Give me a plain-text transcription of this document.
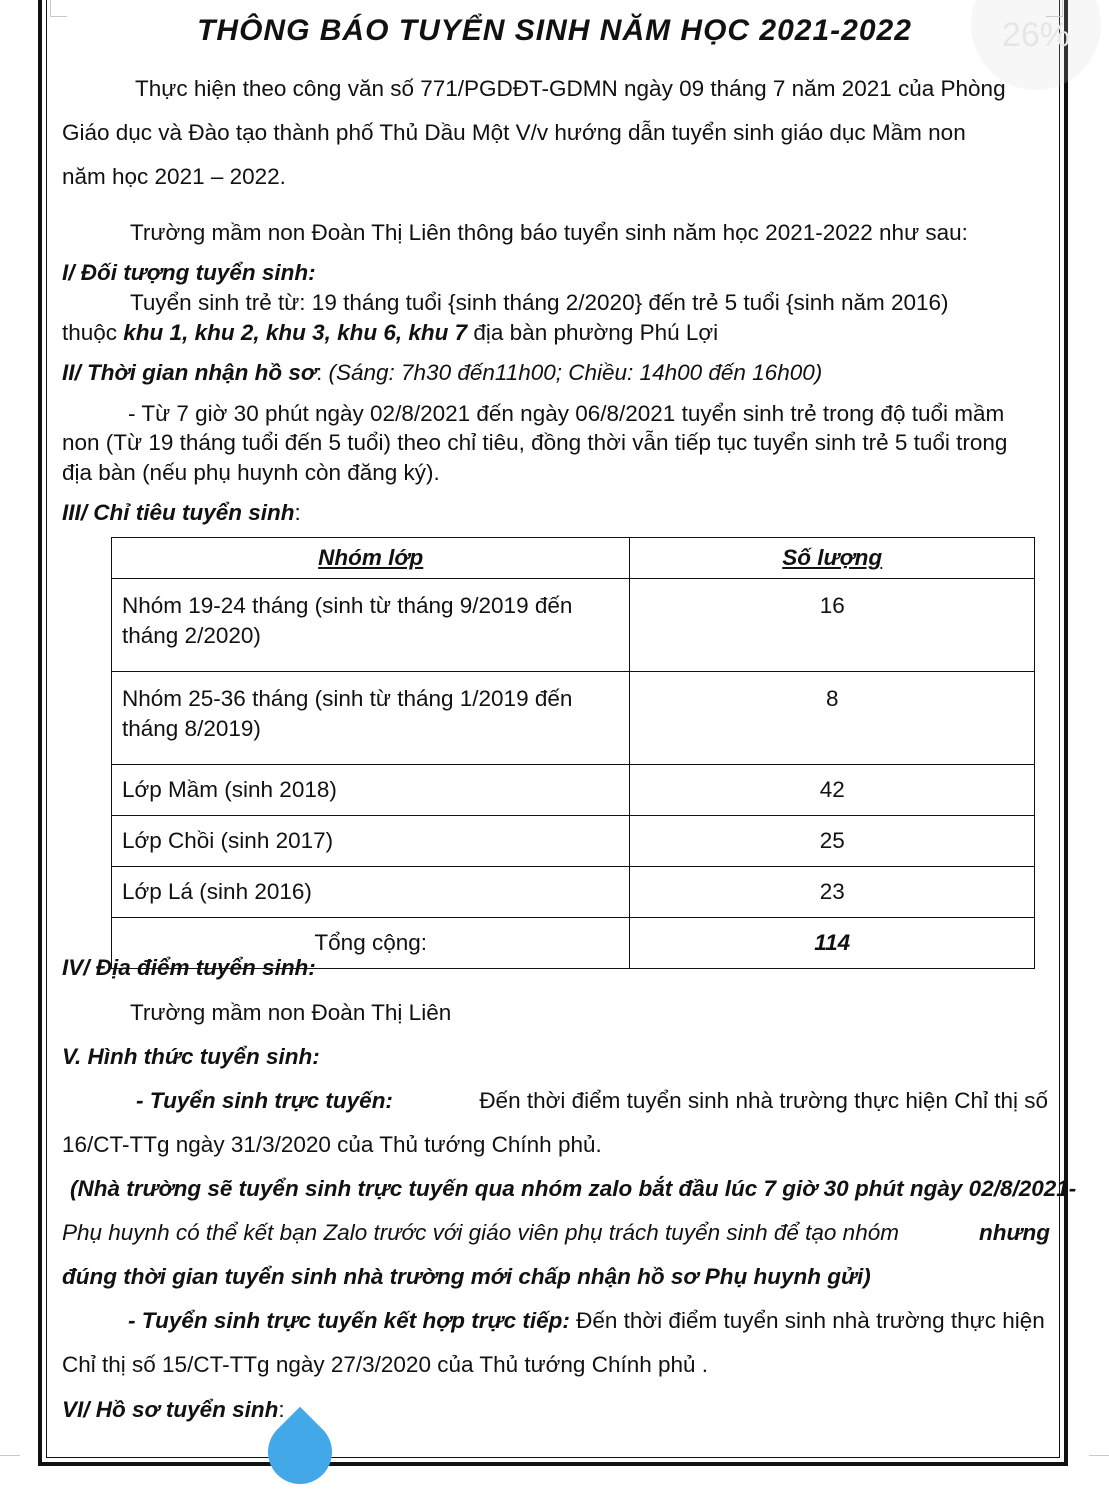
26%
THÔNG BÁO TUYỂN SINH NĂM HỌC 2021-2022
Thực hiện theo công văn số 771/PGDĐT-GDMN ngày 09 tháng 7 năm 2021 của Phòng
Giáo dục và Đào tạo thành phố Thủ Dầu Một V/v hướng dẫn tuyển sinh giáo dục Mầm non
năm học 2021 – 2022.
Trường mầm non Đoàn Thị Liên thông báo tuyển sinh năm học 2021-2022 như sau:
I/ Đối tượng tuyển sinh:
Tuyển sinh trẻ từ: 19 tháng tuổi {sinh tháng 2/2020} đến trẻ 5 tuổi {sinh năm 2016)
thuộc khu 1, khu 2, khu 3, khu 6, khu 7 địa bàn phường Phú Lợi
II/ Thời gian nhận hồ sơ: (Sáng: 7h30 đến11h00; Chiều: 14h00 đến 16h00)
- Từ 7 giờ 30 phút ngày 02/8/2021 đến ngày 06/8/2021 tuyển sinh trẻ trong độ tuổi mầm
non (Từ 19 tháng tuổi đến 5 tuổi) theo chỉ tiêu, đồng thời vẫn tiếp tục tuyển sinh trẻ 5 tuổi trong
địa bàn (nếu phụ huynh còn đăng ký).
III/ Chỉ tiêu tuyển sinh:
Nhóm lớp	Số lượng
Nhóm 19-24 tháng (sinh từ tháng 9/2019 đến
tháng 2/2020)	16
Nhóm 25-36 tháng (sinh từ tháng 1/2019 đến
tháng 8/2019)	8
Lớp Mầm (sinh 2018)	42
Lớp Chồi (sinh 2017)	25
Lớp Lá (sinh 2016)	23
Tổng cộng:	114
IV/ Địa điểm tuyển sinh:
Trường mầm non Đoàn Thị Liên
V. Hình thức tuyển sinh:
- Tuyển sinh trực tuyến:	Đến thời điểm tuyển sinh nhà trường thực hiện Chỉ thị số
16/CT-TTg ngày 31/3/2020 của Thủ tướng Chính phủ.
(Nhà trường sẽ tuyển sinh trực tuyến qua nhóm zalo bắt đầu lúc 7 giờ 30 phút ngày 02/8/2021-
Phụ huynh có thể kết bạn Zalo trước với giáo viên phụ trách tuyển sinh để tạo nhóm	nhưng
đúng thời gian tuyển sinh nhà trường mới chấp nhận hồ sơ Phụ huynh gửi)
- Tuyển sinh trực tuyến kết hợp trực tiếp: Đến thời điểm tuyển sinh nhà trường thực hiện
Chỉ thị số 15/CT-TTg ngày 27/3/2020 của Thủ tướng Chính phủ .
VI/ Hồ sơ tuyển sinh:
